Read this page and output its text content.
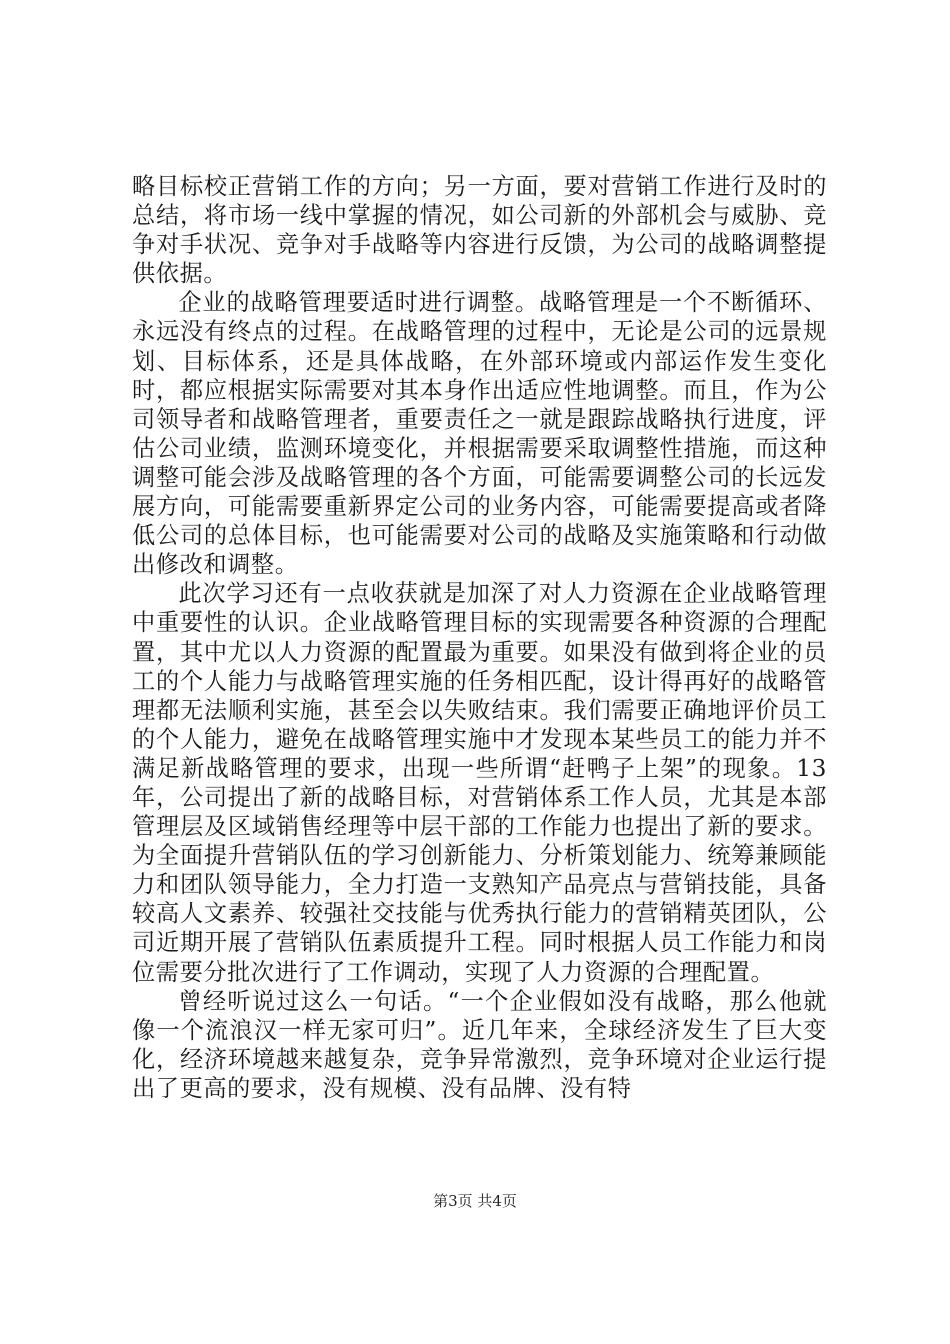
略目标校正营销工作的方向；另一方面，要对营销工作进行及时的总结，将市场一线中掌握的情况，如公司新的外部机会与威胁、竞争对手状况、竞争对手战略等内容进行反馈，为公司的战略调整提供依据。

企业的战略管理要适时进行调整。战略管理是一个不断循环、永远没有终点的过程。在战略管理的过程中，无论是公司的远景规划、目标体系，还是具体战略，在外部环境或内部运作发生变化时，都应根据实际需要对其本身作出适应性地调整。而且，作为公司领导者和战略管理者，重要责任之一就是跟踪战略执行进度，评估公司业绩，监测环境变化，并根据需要采取调整性措施，而这种调整可能会涉及战略管理的各个方面，可能需要调整公司的长远发展方向，可能需要重新界定公司的业务内容，可能需要提高或者降低公司的总体目标，也可能需要对公司的战略及实施策略和行动做出修改和调整。

此次学习还有一点收获就是加深了对人力资源在企业战略管理中重要性的认识。企业战略管理目标的实现需要各种资源的合理配置，其中尤以人力资源的配置最为重要。如果没有做到将企业的员工的个人能力与战略管理实施的任务相匹配，设计得再好的战略管理都无法顺利实施，甚至会以失败结束。我们需要正确地评价员工的个人能力，避免在战略管理实施中才发现本某些员工的能力并不满足新战略管理的要求，出现一些所谓“赶鸭子上架”的现象。13年，公司提出了新的战略目标，对营销体系工作人员，尤其是本部管理层及区域销售经理等中层干部的工作能力也提出了新的要求。为全面提升营销队伍的学习创新能力、分析策划能力、统筹兼顾能力和团队领导能力，全力打造一支熟知产品亮点与营销技能，具备较高人文素养、较强社交技能与优秀执行能力的营销精英团队，公司近期开展了营销队伍素质提升工程。同时根据人员工作能力和岗位需要分批次进行了工作调动，实现了人力资源的合理配置。

曾经听说过这么一句话。“一个企业假如没有战略，那么他就像一个流浪汉一样无家可归”。近几年来，全球经济发生了巨大变化，经济环境越来越复杂，竞争异常激烈，竞争环境对企业运行提出了更高的要求，没有规模、没有品牌、没有特

第3页 共4页
